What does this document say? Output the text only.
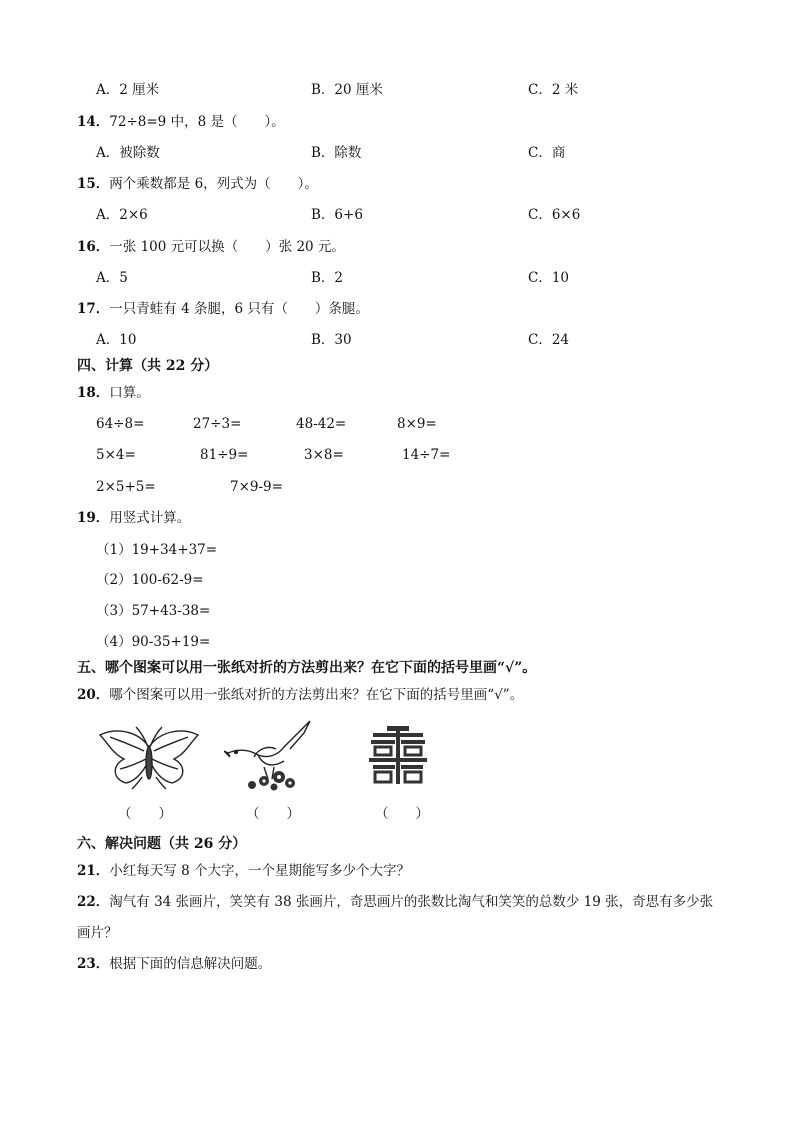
A．2 厘米	B．20 厘米	C．2 米
14．72÷8=9 中，8 是（　　）。
A．被除数	B．除数	C．商
15．两个乘数都是 6，列式为（　　）。
A．2×6	B．6+6	C．6×6
16．一张 100 元可以换（　　）张 20 元。
A．5	B．2	C．10
17．一只青蛙有 4 条腿，6 只有（　　）条腿。
A．10	B．30	C．24
四、计算（共 22 分）
18．口算。
64÷8=	27÷3=	48-42=	8×9=
5×4=	81÷9=	3×8=	14÷7=
2×5+5=	7×9-9=
19．用竖式计算。
（1）19+34+37=
（2）100-62-9=
（3）57+43-38=
（4）90-35+19=
五、哪个图案可以用一张纸对折的方法剪出来？在它下面的括号里画“√”。
20．哪个图案可以用一张纸对折的方法剪出来？在它下面的括号里画“√”。
（　　）	（　　）	（　　）
六、解决问题（共 26 分）
21．小红每天写 8 个大字，一个星期能写多少个大字？
22．淘气有 34 张画片，笑笑有 38 张画片，奇思画片的张数比淘气和笑笑的总数少 19 张，奇思有多少张
画片？
23．根据下面的信息解决问题。
